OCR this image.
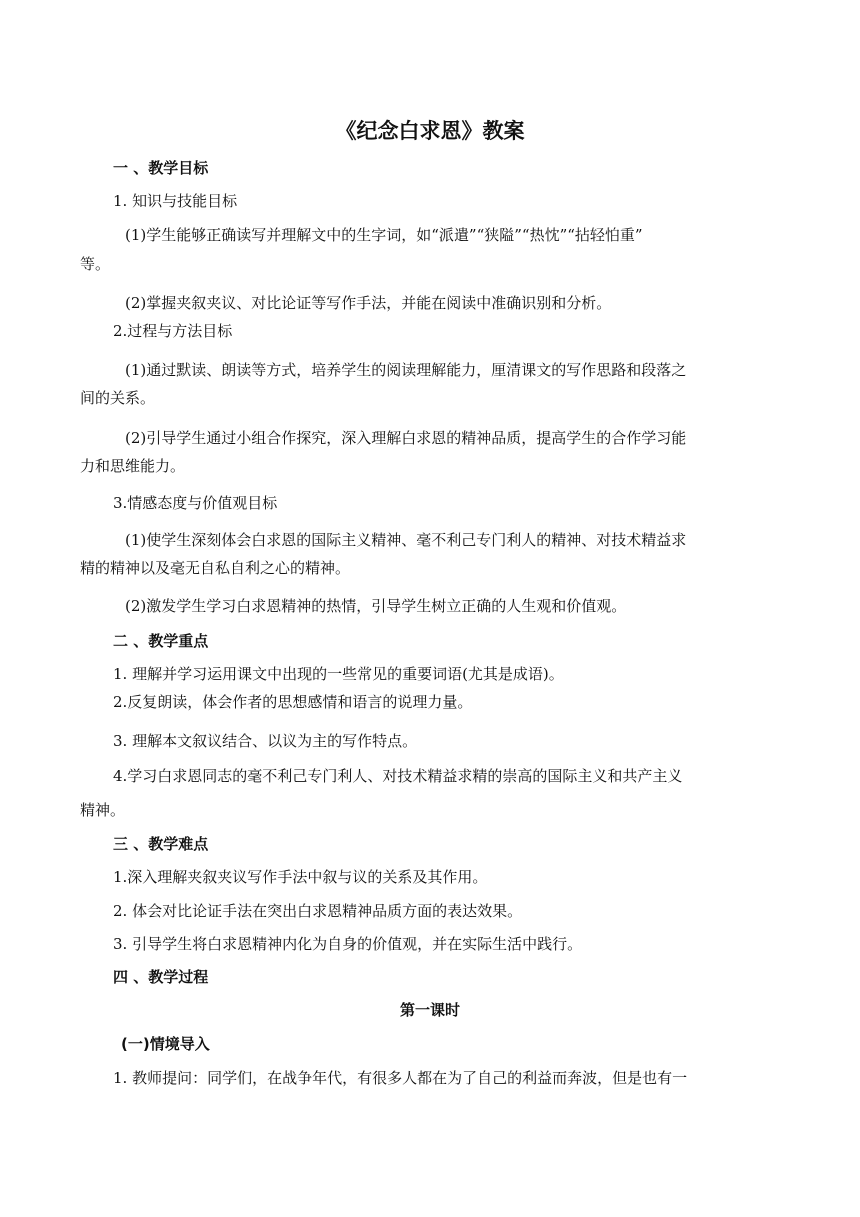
《纪念白求恩》教案
一 、教学目标
1. 知识与技能目标
(1)学生能够正确读写并理解文中的生字词，如“派遣”“狭隘”“热忱”“拈轻怕重”
等。
(2)掌握夹叙夹议、对比论证等写作手法，并能在阅读中准确识别和分析。
2.过程与方法目标
(1)通过默读、朗读等方式，培养学生的阅读理解能力，厘清课文的写作思路和段落之
间的关系。
(2)引导学生通过小组合作探究，深入理解白求恩的精神品质，提高学生的合作学习能
力和思维能力。
3.情感态度与价值观目标
(1)使学生深刻体会白求恩的国际主义精神、毫不利己专门利人的精神、对技术精益求
精的精神以及毫无自私自利之心的精神。
(2)激发学生学习白求恩精神的热情，引导学生树立正确的人生观和价值观。
二 、教学重点
1. 理解并学习运用课文中出现的一些常见的重要词语(尤其是成语)。
2.反复朗读，体会作者的思想感情和语言的说理力量。
3. 理解本文叙议结合、以议为主的写作特点。
4.学习白求恩同志的毫不利己专门利人、对技术精益求精的崇高的国际主义和共产主义
精神。
三 、教学难点
1.深入理解夹叙夹议写作手法中叙与议的关系及其作用。
2. 体会对比论证手法在突出白求恩精神品质方面的表达效果。
3. 引导学生将白求恩精神内化为自身的价值观，并在实际生活中践行。
四 、教学过程
第一课时
(一)情境导入
1. 教师提问：同学们，在战争年代，有很多人都在为了自己的利益而奔波，但是也有一
